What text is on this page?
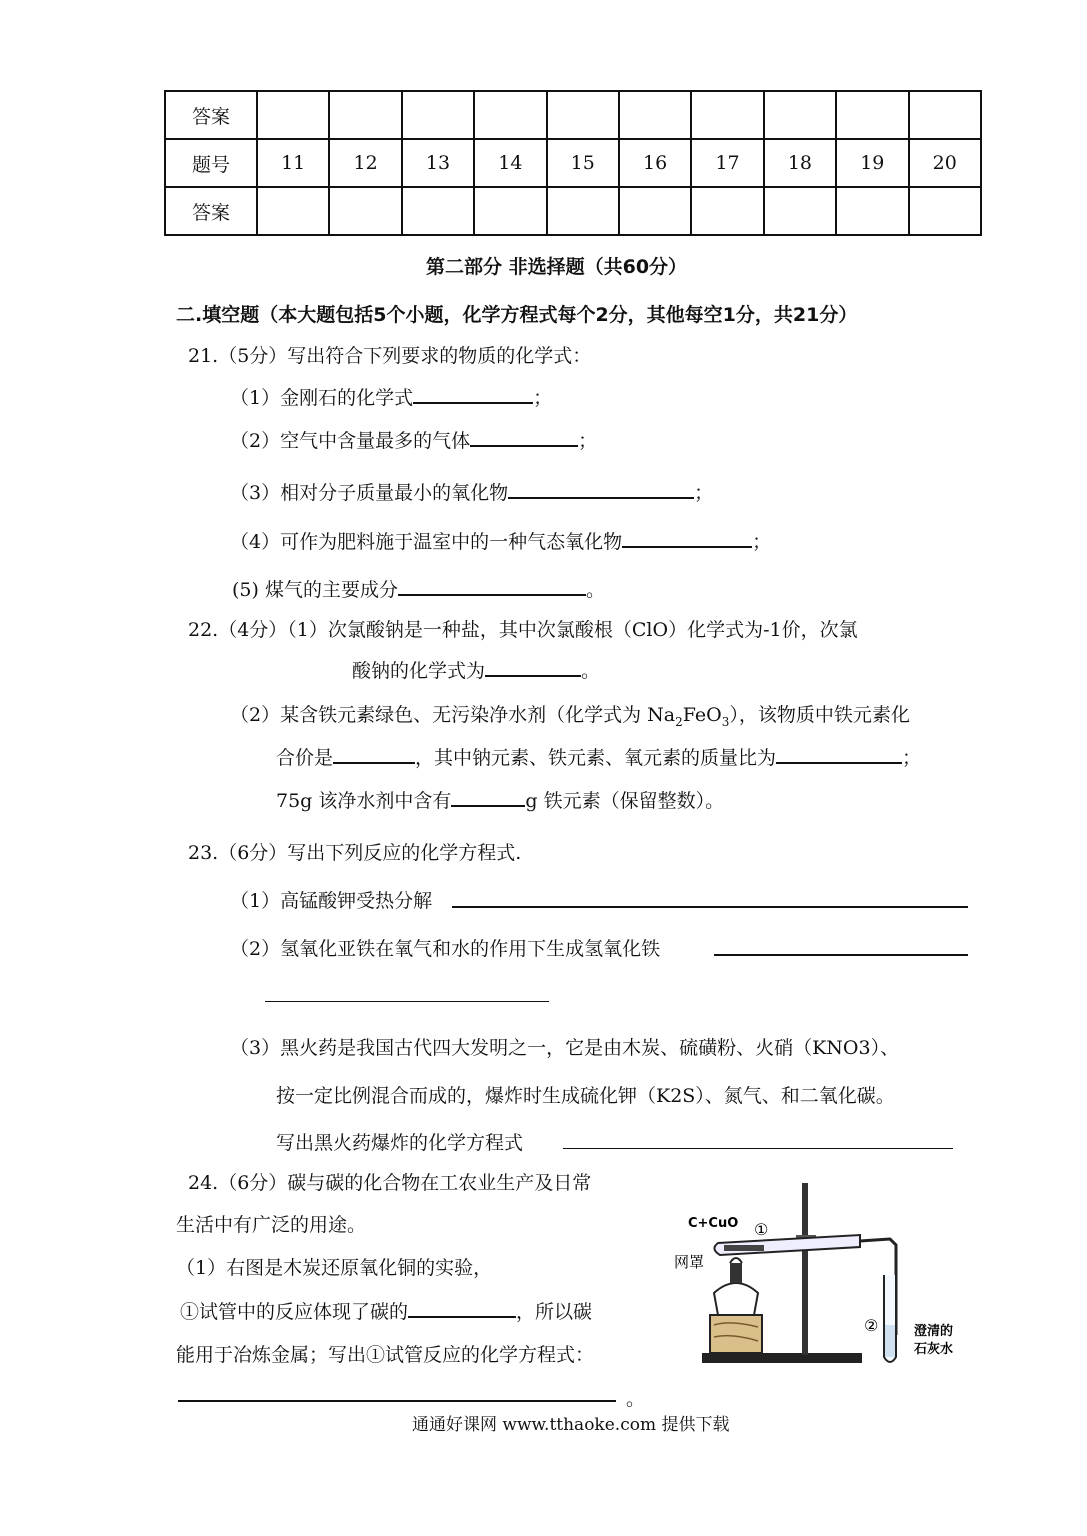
答案										
题号	11	12	13	14	15	16	17	18	19	20
答案										
第二部分 非选择题（共60分）
二.填空题（本大题包括5个小题，化学方程式每个2分，其他每空1分，共21分）
21.（5分）写出符合下列要求的物质的化学式：
（1）金刚石的化学式	；
（2）空气中含量最多的气体	；
（3）相对分子质量最小的氧化物	；
（4）可作为肥料施于温室中的一种气态氧化物	；
(5) 煤气的主要成分	。
22.（4分）（1）次氯酸钠是一种盐，其中次氯酸根（ClO）化学式为-1价，次氯
酸钠的化学式为	。
（2）某含铁元素绿色、无污染净水剂（化学式为 $Na_2FeO_3$），该物质中铁元素化
合价是	，其中钠元素、铁元素、氧元素的质量比为	；
75g 该净水剂中含有	g 铁元素（保留整数）。
23.（6分）写出下列反应的化学方程式.
（1）高锰酸钾受热分解
（2）氢氧化亚铁在氧气和水的作用下生成氢氧化铁
（3）黑火药是我国古代四大发明之一，它是由木炭、硫磺粉、火硝（KNO3）、
按一定比例混合而成的，爆炸时生成硫化钾（K2S）、氮气、和二氧化碳。
写出黑火药爆炸的化学方程式
24.（6分）碳与碳的化合物在工农业生产及日常
生活中有广泛的用途。
（1）右图是木炭还原氧化铜的实验，
①试管中的反应体现了碳的	，所以碳
能用于冶炼金属；写出①试管反应的化学方程式：
。
C+CuO ①
网罩
②	澄清的
石灰水
通通好课网 www.tthaoke.com 提供下载
